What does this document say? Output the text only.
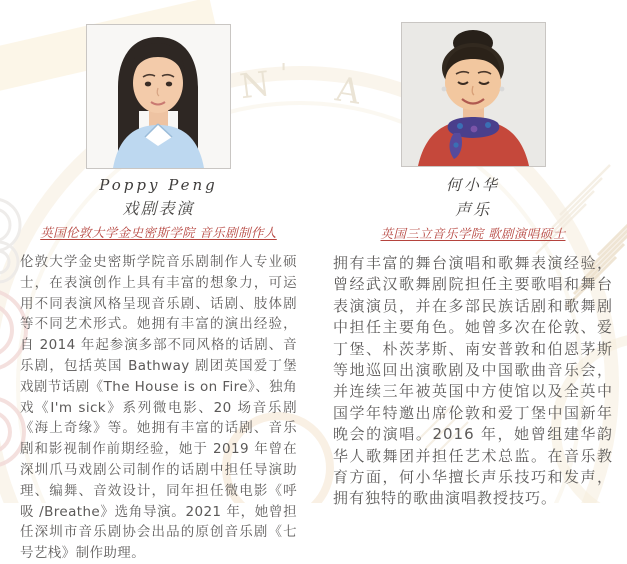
N ' A
Poppy Peng
戏剧表演
英国伦敦大学金史密斯学院 音乐剧制作人

伦敦大学金史密斯学院音乐剧制作人专业硕士，在表演创作上具有丰富的想象力，可运用不同表演风格呈现音乐剧、话剧、肢体剧等不同艺术形式。她拥有丰富的演出经验，自 2014 年起参演多部不同风格的话剧、音乐剧，包括英国 Bathway 剧团英国爱丁堡戏剧节话剧《The House is on Fire》、独角戏《I'm sick》系列微电影、20 场音乐剧《海上奇缘》等。她拥有丰富的话剧、音乐剧和影视制作前期经验，她于 2019 年曾在深圳爪马戏剧公司制作的话剧中担任导演助理、编舞、音效设计，同年担任微电影《呼吸 /Breathe》选角导演。2021 年，她曾担任深圳市音乐剧协会出品的原创音乐剧《七号艺栈》制作助理。

何小华
声乐
英国三立音乐学院 歌剧演唱硕士

拥有丰富的舞台演唱和歌舞表演经验，曾经武汉歌舞剧院担任主要歌唱和舞台表演演员，并在多部民族话剧和歌舞剧中担任主要角色。她曾多次在伦敦、爱丁堡、朴茨茅斯、南安普敦和伯恩茅斯等地巡回出演歌剧及中国歌曲音乐会，并连续三年被英国中方使馆以及全英中国学年特邀出席伦敦和爱丁堡中国新年晚会的演唱。2016 年，她曾组建华韵华人歌舞团并担任艺术总监。在音乐教育方面，何小华擅长声乐技巧和发声，拥有独特的歌曲演唱教授技巧。
